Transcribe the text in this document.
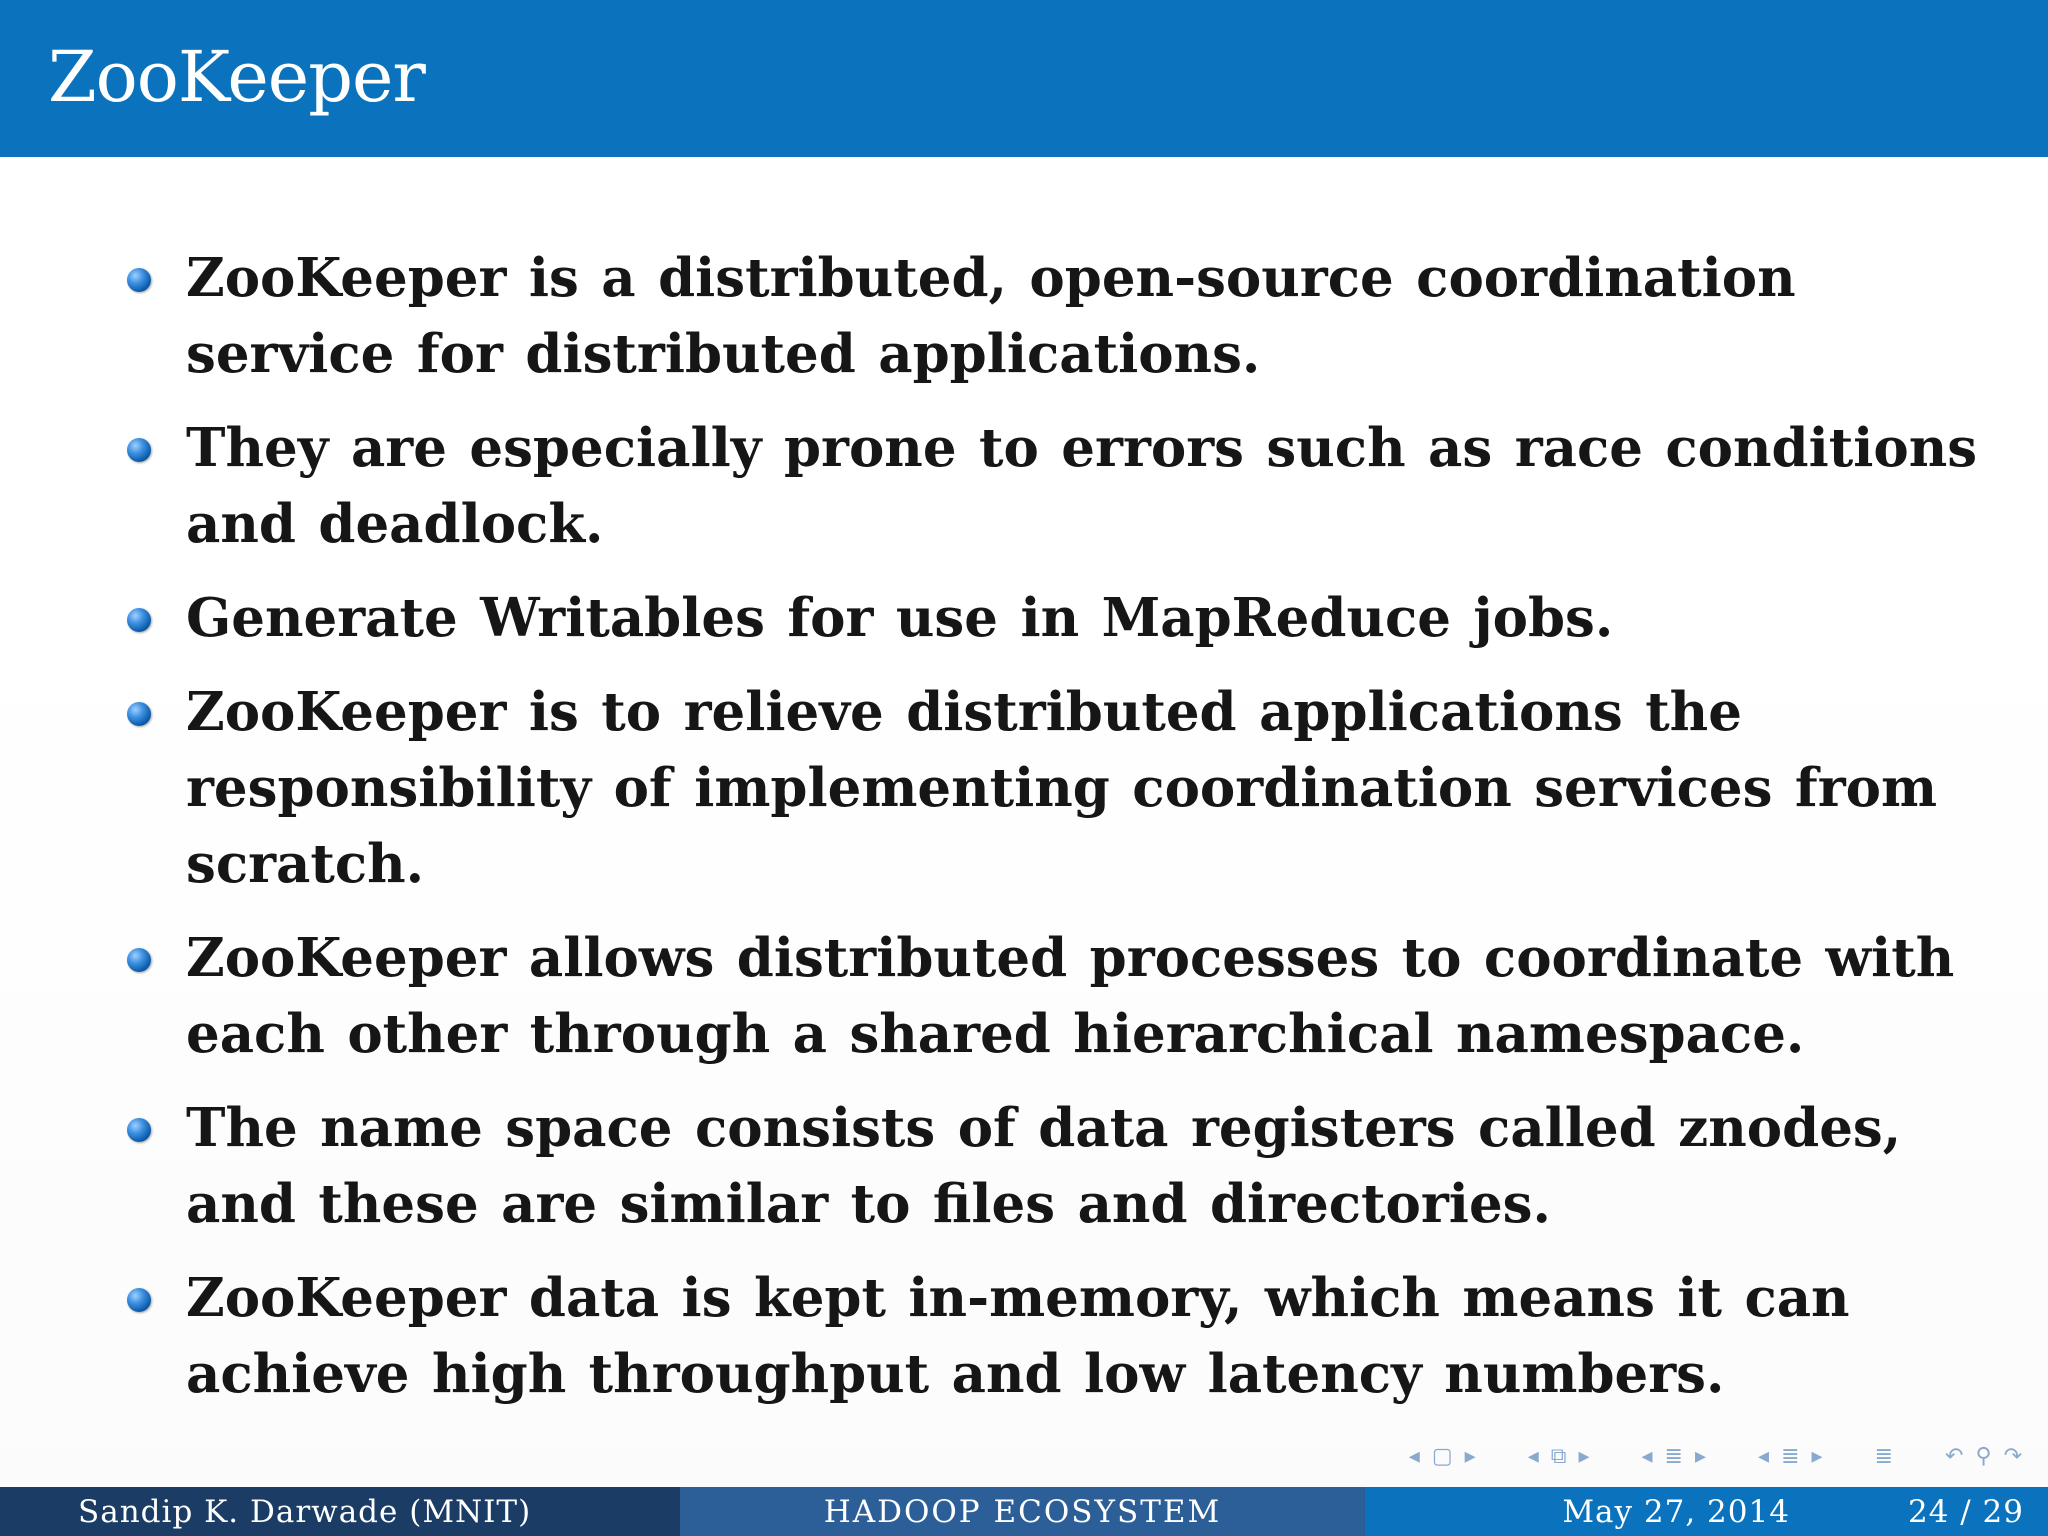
ZooKeeper
ZooKeeper is a distributed, open-source coordination service for distributed applications.
They are especially prone to errors such as race conditions and deadlock.
Generate Writables for use in MapReduce jobs.
ZooKeeper is to relieve distributed applications the responsibility of implementing coordination services from scratch.
ZooKeeper allows distributed processes to coordinate with each other through a shared hierarchical namespace.
The name space consists of data registers called znodes, and these are similar to files and directories.
ZooKeeper data is kept in-memory, which means it can achieve high throughput and low latency numbers.
◂ ▢ ▸ ◂ ⧉ ▸ ◂ ≣ ▸ ◂ ≣ ▸ ≣ ↶ ⚲ ↷
Sandip K. Darwade (MNIT)	HADOOP ECOSYSTEM	May 27, 2014	24 / 29
